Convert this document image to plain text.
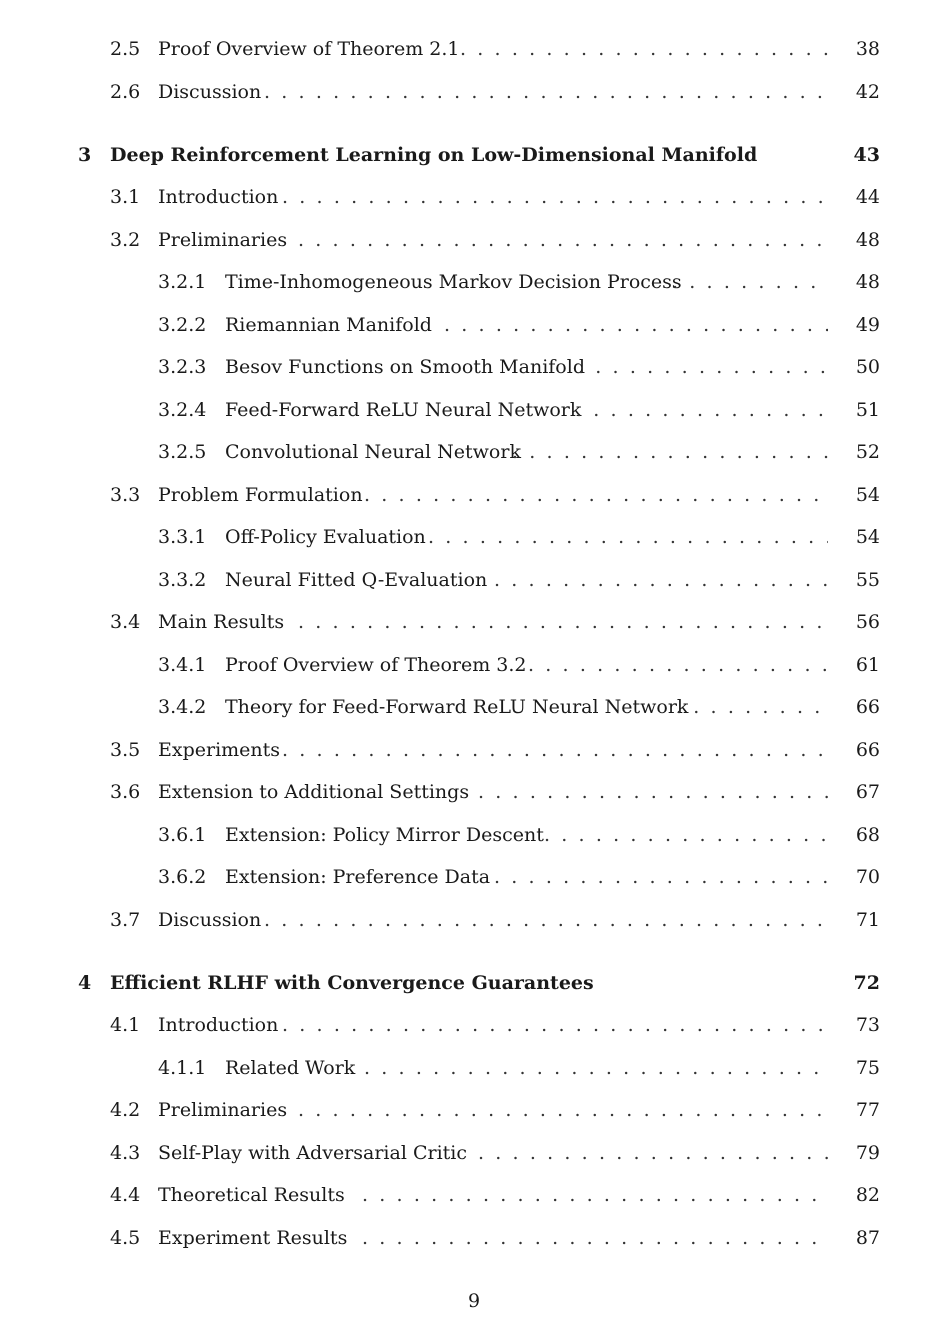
2.5 Proof Overview of Theorem 2.1 . . .	38
2.6 Discussion . . .	42
3 Deep Reinforcement Learning on Low-Dimensional Manifold	43
3.1 Introduction . . .	44
3.2 Preliminaries . . .	48
3.2.1 Time-Inhomogeneous Markov Decision Process . . .	48
3.2.2 Riemannian Manifold . . .	49
3.2.3 Besov Functions on Smooth Manifold . . .	50
3.2.4 Feed-Forward ReLU Neural Network . . .	51
3.2.5 Convolutional Neural Network . . .	52
3.3 Problem Formulation . . .	54
3.3.1 Off-Policy Evaluation . . .	54
3.3.2 Neural Fitted Q-Evaluation . . .	55
3.4 Main Results . . .	56
3.4.1 Proof Overview of Theorem 3.2 . . .	61
3.4.2 Theory for Feed-Forward ReLU Neural Network . . .	66
3.5 Experiments . . .	66
3.6 Extension to Additional Settings . . .	67
3.6.1 Extension: Policy Mirror Descent . . .	68
3.6.2 Extension: Preference Data . . .	70
3.7 Discussion . . .	71
4 Efficient RLHF with Convergence Guarantees	72
4.1 Introduction . . .	73
4.1.1 Related Work . . .	75
4.2 Preliminaries . . .	77
4.3 Self-Play with Adversarial Critic . . .	79
4.4 Theoretical Results . . .	82
4.5 Experiment Results . . .	87
9
